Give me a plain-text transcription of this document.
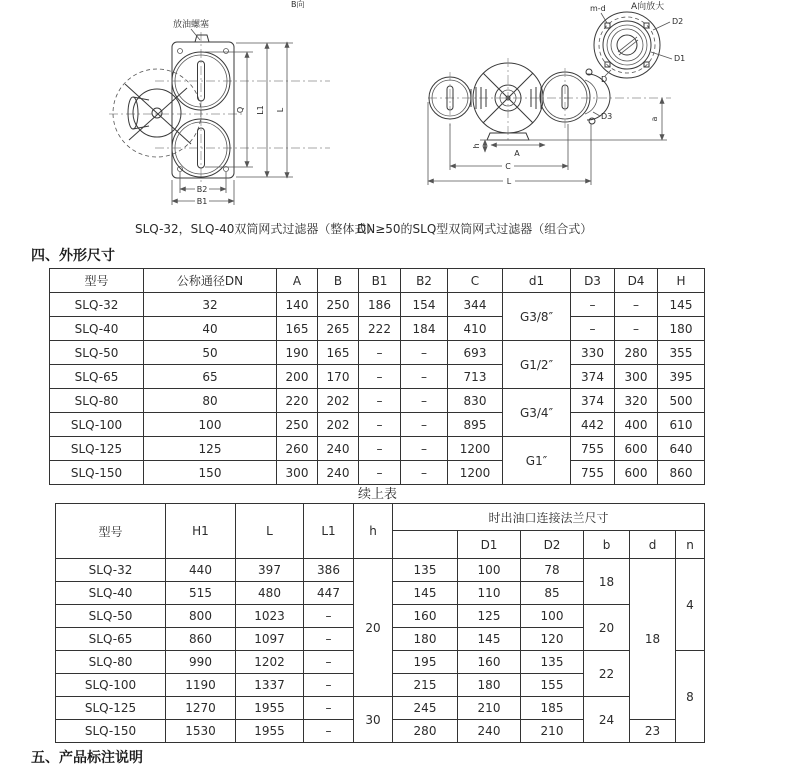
放油螺塞
B向
Q L1 L
B2
B1
A向放大
m-d
D2
D1
D
D3	a
h
A
C
L
SLQ-32，SLQ-40双筒网式过滤器（整体式）
DN≥50的SLQ型双筒网式过滤器（组合式）
四、外形尺寸
型号	公称通径DN	A	B	B1	B2	C	d1	D3	D4	H
SLQ-32	32	140	250	186	154	344	G3/8″	–	–	145
SLQ-40	40	165	265	222	184	410		–	–	180
SLQ-50	50	190	165	–	–	693	G1/2″	330	280	355
SLQ-65	65	200	170	–	–	713		374	300	395
SLQ-80	80	220	202	–	–	830	G3/4″	374	320	500
SLQ-100	100	250	202	–	–	895		442	400	610
SLQ-125	125	260	240	–	–	1200	G1″	755	600	640
SLQ-150	150	300	240	–	–	1200		755	600	860
续上表
型号	H1	L	L1	h	时出油口连接法兰尺寸					
						D1	D2	b	d	n
SLQ-32	440	397	386	20	135	100	78	18	18	4
SLQ-40	515	480	447		145	110	85			
SLQ-50	800	1023	–		160	125	100	20		
SLQ-65	860	1097	–		180	145	120			
SLQ-80	990	1202	–		195	160	135	22		8
SLQ-100	1190	1337	–		215	180	155			
SLQ-125	1270	1955	–	30	245	210	185	24		
SLQ-150	1530	1955	–		280	240	210		23	
五、产品标注说明
